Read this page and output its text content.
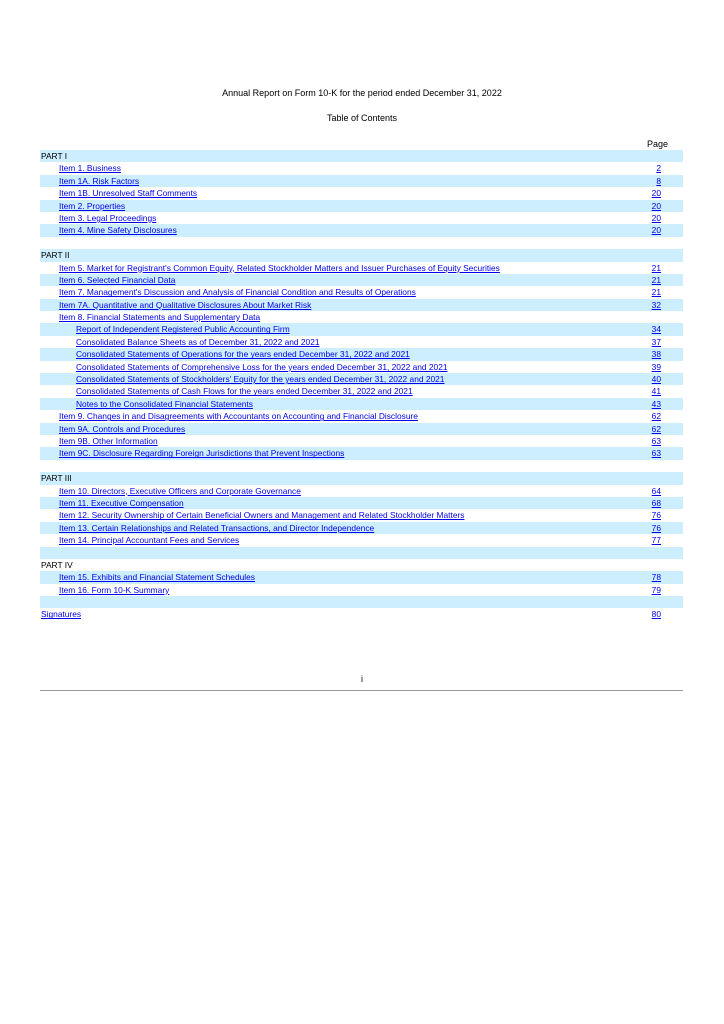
Annual Report on Form 10-K for the period ended December 31, 2022
Table of Contents
Page
PART I
Item 1. Business	2
Item 1A. Risk Factors	8
Item 1B. Unresolved Staff Comments	20
Item 2. Properties	20
Item 3. Legal Proceedings	20
Item 4. Mine Safety Disclosures	20
PART II
Item 5. Market for Registrant's Common Equity, Related Stockholder Matters and Issuer Purchases of Equity Securities	21
Item 6. Selected Financial Data	21
Item 7. Management's Discussion and Analysis of Financial Condition and Results of Operations	21
Item 7A. Quantitative and Qualitative Disclosures About Market Risk	32
Item 8. Financial Statements and Supplementary Data
Report of Independent Registered Public Accounting Firm	34
Consolidated Balance Sheets as of December 31, 2022 and 2021	37
Consolidated Statements of Operations for the years ended December 31, 2022 and 2021	38
Consolidated Statements of Comprehensive Loss for the years ended December 31, 2022 and 2021	39
Consolidated Statements of Stockholders' Equity for the years ended December 31, 2022 and 2021	40
Consolidated Statements of Cash Flows for the years ended December 31, 2022 and 2021	41
Notes to the Consolidated Financial Statements	43
Item 9. Changes in and Disagreements with Accountants on Accounting and Financial Disclosure	62
Item 9A. Controls and Procedures	62
Item 9B. Other Information	63
Item 9C. Disclosure Regarding Foreign Jurisdictions that Prevent Inspections	63
PART III
Item 10. Directors, Executive Officers and Corporate Governance	64
Item 11. Executive Compensation	68
Item 12. Security Ownership of Certain Beneficial Owners and Management and Related Stockholder Matters	76
Item 13. Certain Relationships and Related Transactions, and Director Independence	76
Item 14. Principal Accountant Fees and Services	77
PART IV
Item 15. Exhibits and Financial Statement Schedules	78
Item 16. Form 10-K Summary	79
Signatures	80
i
